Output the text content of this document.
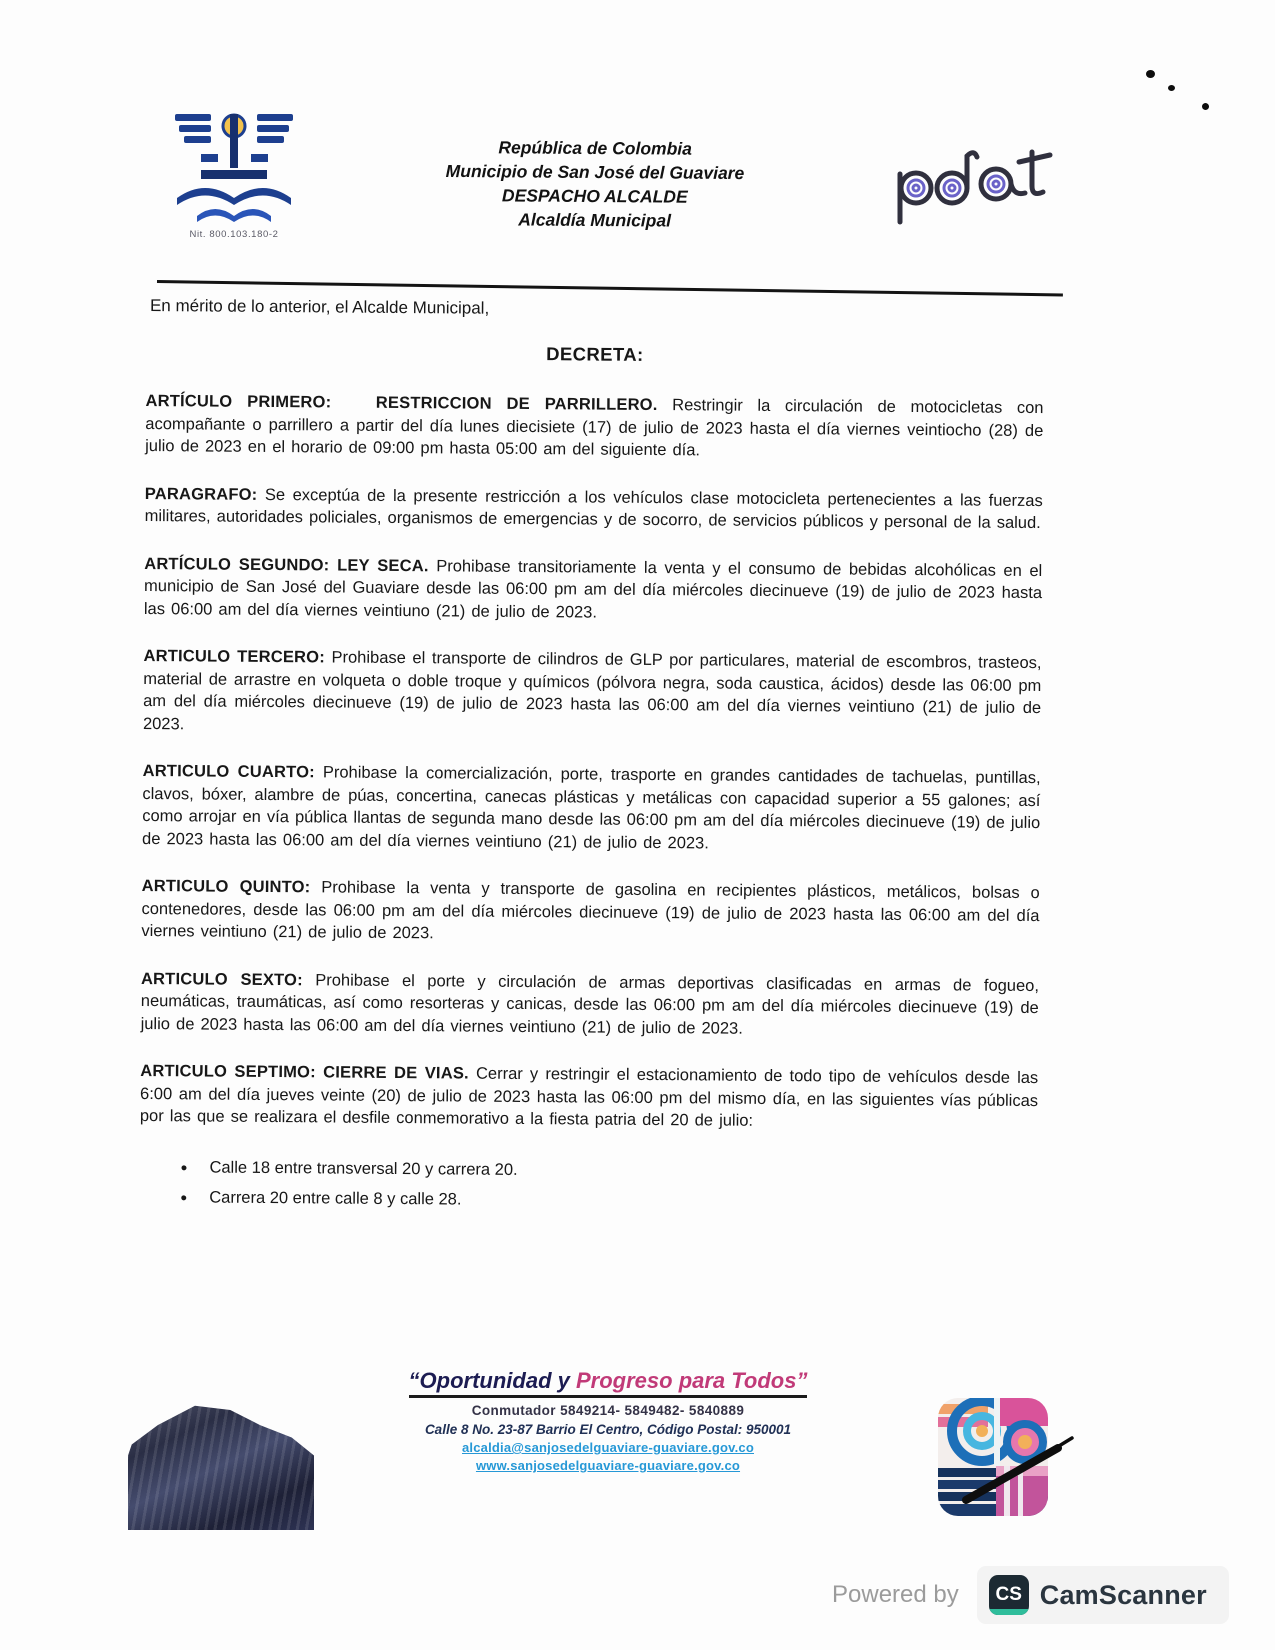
Nit. 800.103.180-2
República de Colombia
Municipio de San José del Guaviare
DESPACHO ALCALDE
Alcaldía Municipal
En mérito de lo anterior, el Alcalde Municipal,
DECRETA:

ARTÍCULO PRIMERO:   RESTRICCION DE PARRILLERO. Restringir la circulación de motocicletas con acompañante o parrillero a partir del día lunes diecisiete (17) de julio de 2023 hasta el día viernes veintiocho (28) de julio de 2023 en el horario de 09:00 pm hasta 05:00 am del siguiente día.

PARAGRAFO: Se exceptúa de la presente restricción a los vehículos clase motocicleta pertenecientes a las fuerzas militares, autoridades policiales, organismos de emergencias y de socorro, de servicios públicos y personal de la salud.

ARTÍCULO SEGUNDO: LEY SECA. Prohibase transitoriamente la venta y el consumo de bebidas alcohólicas en el municipio de San José del Guaviare desde las 06:00 pm am del día miércoles diecinueve (19) de julio de 2023 hasta las 06:00 am del día viernes veintiuno (21) de julio de 2023.

ARTICULO TERCERO: Prohibase el transporte de cilindros de GLP por particulares, material de escombros, trasteos, material de arrastre en volqueta o doble troque y químicos (pólvora negra, soda caustica, ácidos) desde las 06:00 pm am del día miércoles diecinueve (19) de julio de 2023 hasta las 06:00 am del día viernes veintiuno (21) de julio de 2023.

ARTICULO CUARTO: Prohibase la comercialización, porte, trasporte en grandes cantidades de tachuelas, puntillas, clavos, bóxer, alambre de púas, concertina, canecas plásticas y metálicas con capacidad superior a 55 galones; así como arrojar en vía pública llantas de segunda mano desde las 06:00 pm am del día miércoles diecinueve (19) de julio de 2023 hasta las 06:00 am del día viernes veintiuno (21) de julio de 2023.

ARTICULO QUINTO: Prohibase la venta y transporte de gasolina en recipientes plásticos, metálicos, bolsas o contenedores, desde las 06:00 pm am del día miércoles diecinueve (19) de julio de 2023 hasta las 06:00 am del día viernes veintiuno (21) de julio de 2023.

ARTICULO SEXTO: Prohibase el porte y circulación de armas deportivas clasificadas en armas de fogueo, neumáticas, traumáticas, así como resorteras y canicas, desde las 06:00 pm am del día miércoles diecinueve (19) de julio de 2023 hasta las 06:00 am del día viernes veintiuno (21) de julio de 2023.

ARTICULO SEPTIMO: CIERRE DE VIAS. Cerrar y restringir el estacionamiento de todo tipo de vehículos desde las 6:00 am del día jueves veinte (20) de julio de 2023 hasta las 06:00 pm del mismo día, en las siguientes vías públicas por las que se realizara el desfile conmemorativo a la fiesta patria del 20 de julio:

• Calle 18 entre transversal 20 y carrera 20.
• Carrera 20 entre calle 8 y calle 28.
“Oportunidad y Progreso para Todos”
Conmutador 5849214- 5849482- 5840889
Calle 8 No. 23-87 Barrio El Centro, Código Postal: 950001
alcaldia@sanjosedelguaviare-guaviare.gov.co
www.sanjosedelguaviare-guaviare.gov.co
Powered by	CS CamScanner
